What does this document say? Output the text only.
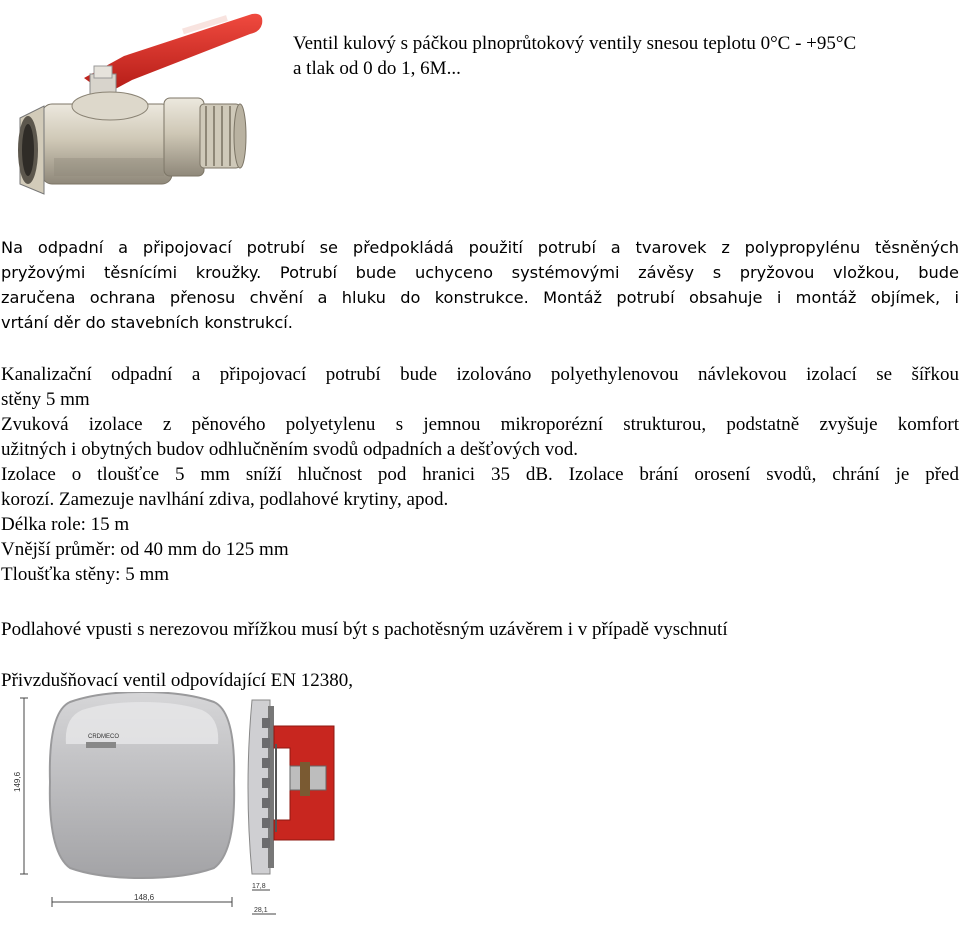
Ventil kulový s páčkou plnoprůtokový ventily snesou teplotu 0°C - +95°C
a tlak od 0 do 1, 6M...
Na odpadní a připojovací potrubí se předpokládá použití potrubí a tvarovek z polypropylénu těsněných
pryžovými těsnícími kroužky. Potrubí bude uchyceno systémovými závěsy s pryžovou vložkou, bude
zaručena ochrana přenosu chvění a hluku do konstrukce. Montáž potrubí obsahuje i montáž objímek, i
vrtání děr do stavebních konstrukcí.
Kanalizační odpadní a připojovací potrubí bude izolováno polyethylenovou návlekovou izolací se šířkou
stěny 5 mm
Zvuková izolace z pěnového polyetylenu s jemnou mikroporézní strukturou, podstatně zvyšuje komfort
užitných i obytných budov odhlučněním svodů odpadních a dešťových vod.
Izolace o tloušťce 5 mm sníží hlučnost pod hranici 35 dB. Izolace brání orosení svodů, chrání je před
korozí. Zamezuje navlhání zdiva, podlahové krytiny, apod.
Délka role: 15 m
Vnější průměr: od 40 mm do 125 mm
Tloušťka stěny: 5 mm
Podlahové vpusti s nerezovou mřížkou musí být s pachotěsným uzávěrem i v případě vyschnutí
Přivzdušňovací ventil odpovídající EN 12380,
CRDMECO
149,6
148,6
17,8
28,1
